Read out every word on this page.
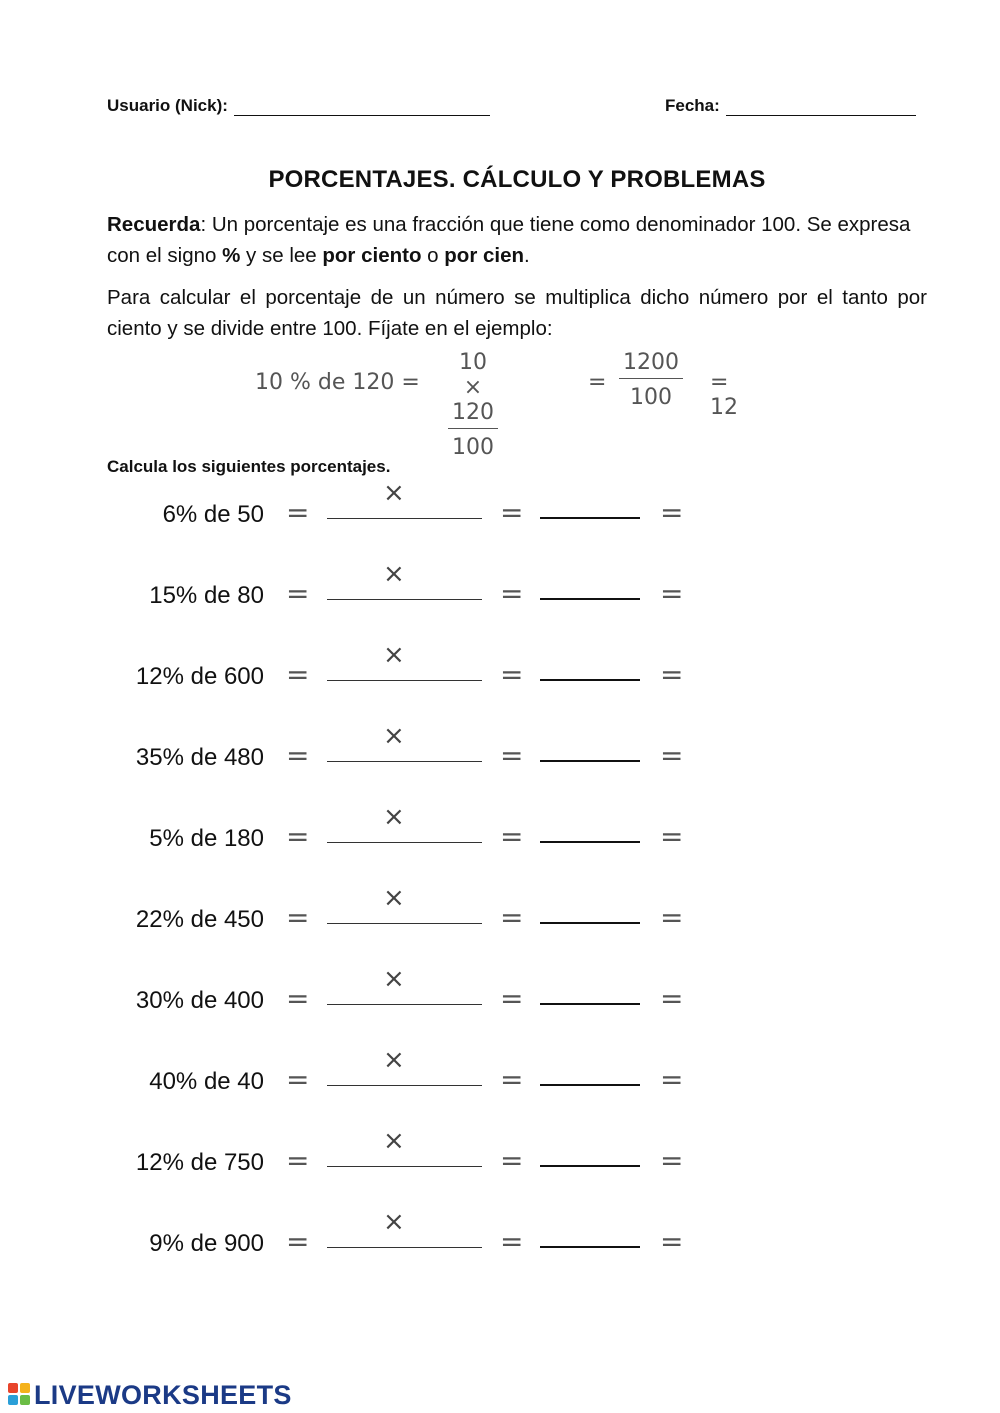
Usuario (Nick):	Fecha:
PORCENTAJES. CÁLCULO Y PROBLEMAS
Recuerda: Un porcentaje es una fracción que tiene como denominador 100. Se expresa con el signo % y se lee por ciento o por cien.
Para calcular el porcentaje de un número se multiplica dicho número por el tanto por ciento y se divide entre 100. Fíjate en el ejemplo:
10 % de $120 = \frac{10 \times 120}{100}$	= $\frac{1200}{100} = 12$
Calcula los siguientes porcentajes.
6% de 50 =
×
=	=
15% de 80 =
×
=	=
12% de 600 =
×
=	=
35% de 480 =
×
=	=
5% de 180 =
×
=	=
22% de 450 =
×
=	=
30% de 400 =
×
=	=
40% de 40 =
×
=	=
12% de 750 =
×
=	=
9% de 900 =
×
=	=
LIVEWORKSHEETS
